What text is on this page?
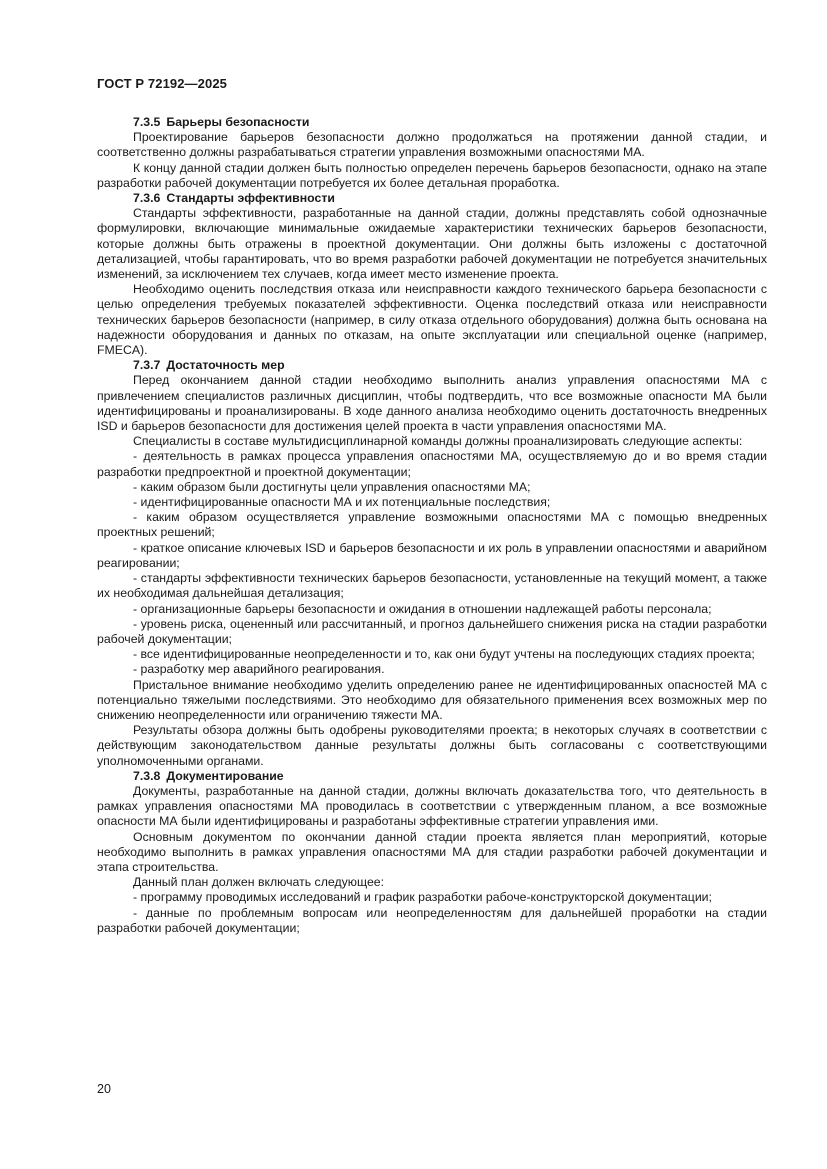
ГОСТ Р 72192—2025
7.3.5 Барьеры безопасности

Проектирование барьеров безопасности должно продолжаться на протяжении данной стадии, и соответственно должны разрабатываться стратегии управления возможными опасностями МА.

К концу данной стадии должен быть полностью определен перечень барьеров безопасности, однако на этапе разработки рабочей документации потребуется их более детальная проработка.

7.3.6 Стандарты эффективности

Стандарты эффективности, разработанные на данной стадии, должны представлять собой однозначные формулировки, включающие минимальные ожидаемые характеристики технических барьеров безопасности, которые должны быть отражены в проектной документации. Они должны быть изложены с достаточной детализацией, чтобы гарантировать, что во время разработки рабочей документации не потребуется значительных изменений, за исключением тех случаев, когда имеет место изменение проекта.

Необходимо оценить последствия отказа или неисправности каждого технического барьера безопасности с целью определения требуемых показателей эффективности. Оценка последствий отказа или неисправности технических барьеров безопасности (например, в силу отказа отдельного оборудования) должна быть основана на надежности оборудования и данных по отказам, на опыте эксплуатации или специальной оценке (например, FMECA).

7.3.7 Достаточность мер

Перед окончанием данной стадии необходимо выполнить анализ управления опасностями МА с привлечением специалистов различных дисциплин, чтобы подтвердить, что все возможные опасности МА были идентифицированы и проанализированы. В ходе данного анализа необходимо оценить достаточность внедренных ISD и барьеров безопасности для достижения целей проекта в части управления опасностями МА.

Специалисты в составе мультидисциплинарной команды должны проанализировать следующие аспекты:

- деятельность в рамках процесса управления опасностями МА, осуществляемую до и во время стадии разработки предпроектной и проектной документации;

- каким образом были достигнуты цели управления опасностями МА;

- идентифицированные опасности МА и их потенциальные последствия;

- каким образом осуществляется управление возможными опасностями МА с помощью внедренных проектных решений;

- краткое описание ключевых ISD и барьеров безопасности и их роль в управлении опасностями и аварийном реагировании;

- стандарты эффективности технических барьеров безопасности, установленные на текущий момент, а также их необходимая дальнейшая детализация;

- организационные барьеры безопасности и ожидания в отношении надлежащей работы персонала;

- уровень риска, оцененный или рассчитанный, и прогноз дальнейшего снижения риска на стадии разработки рабочей документации;

- все идентифицированные неопределенности и то, как они будут учтены на последующих стадиях проекта;

- разработку мер аварийного реагирования.

Пристальное внимание необходимо уделить определению ранее не идентифицированных опасностей МА с потенциально тяжелыми последствиями. Это необходимо для обязательного применения всех возможных мер по снижению неопределенности или ограничению тяжести МА.

Результаты обзора должны быть одобрены руководителями проекта; в некоторых случаях в соответствии с действующим законодательством данные результаты должны быть согласованы с соответствующими уполномоченными органами.

7.3.8 Документирование

Документы, разработанные на данной стадии, должны включать доказательства того, что деятельность в рамках управления опасностями МА проводилась в соответствии с утвержденным планом, а все возможные опасности МА были идентифицированы и разработаны эффективные стратегии управления ими.

Основным документом по окончании данной стадии проекта является план мероприятий, которые необходимо выполнить в рамках управления опасностями МА для стадии разработки рабочей документации и этапа строительства.

Данный план должен включать следующее:

- программу проводимых исследований и график разработки рабоче-конструкторской документации;

- данные по проблемным вопросам или неопределенностям для дальнейшей проработки на стадии разработки рабочей документации;

20
